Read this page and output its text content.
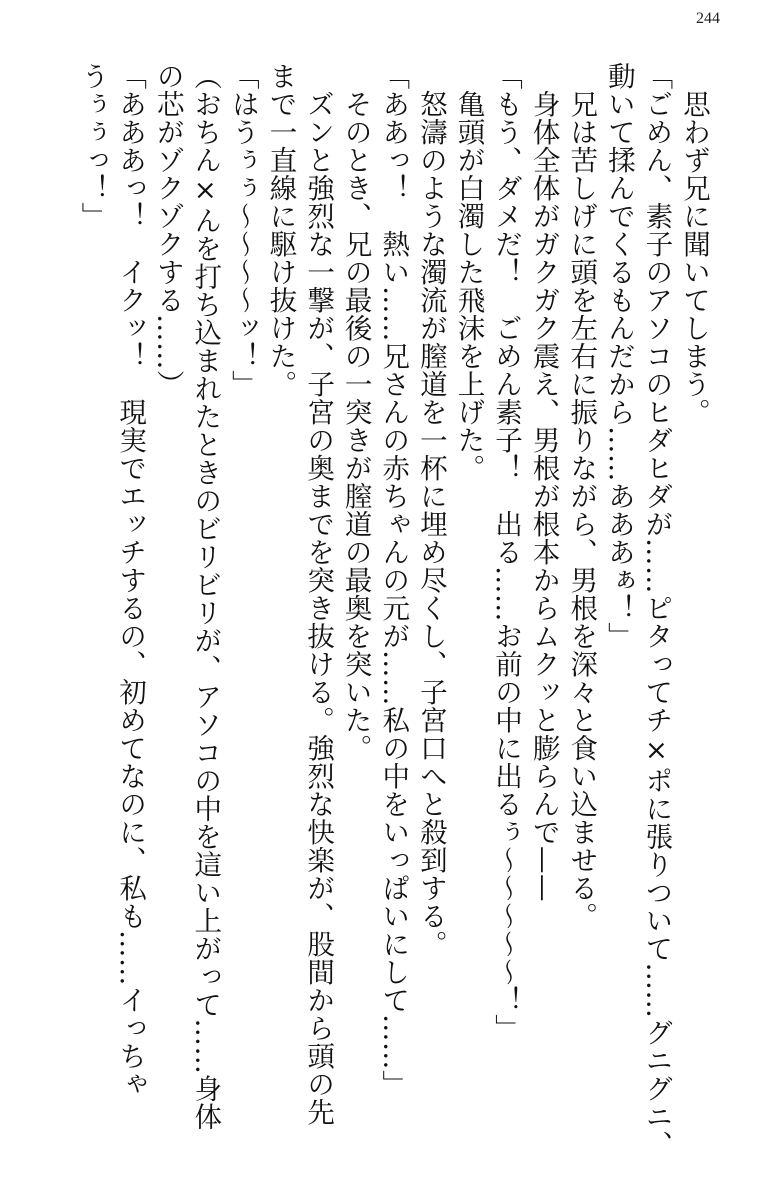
244
　思わず兄に聞いてしまう。
「ごめん、素子のアソコのヒダヒダが……ピタってチ×ポに張りついて……グニグニ、
動いて揉んでくるもんだから……あああぁ！」
　兄は苦しげに頭を左右に振りながら、男根を深々と食い込ませる。
　身体全体がガクガク震え、男根が根本からムクッと膨らんで——
「もう、ダメだ！　ごめん素子！　出る……お前の中に出るぅ〜〜〜〜〜！」
　亀頭が白濁した飛沫を上げた。
　怒濤のような濁流が膣道を一杯に埋め尽くし、子宮口へと殺到する。
「ああっ！　熱い……兄さんの赤ちゃんの元が……私の中をいっぱいにして……」
　そのとき、兄の最後の一突きが膣道の最奥を突いた。
　ズンと強烈な一撃が、子宮の奥までを突き抜ける。強烈な快楽が、股間から頭の先
まで一直線に駆け抜けた。
「はうぅぅ〜〜〜〜ッ！」
（おちん×んを打ち込まれたときのビリビリが、アソコの中を這い上がって……身体
の芯がゾクゾクする……）
「あああっ！　イクッ！　現実でエッチするの、初めてなのに、私も……イっちゃ
うぅぅっ！」
